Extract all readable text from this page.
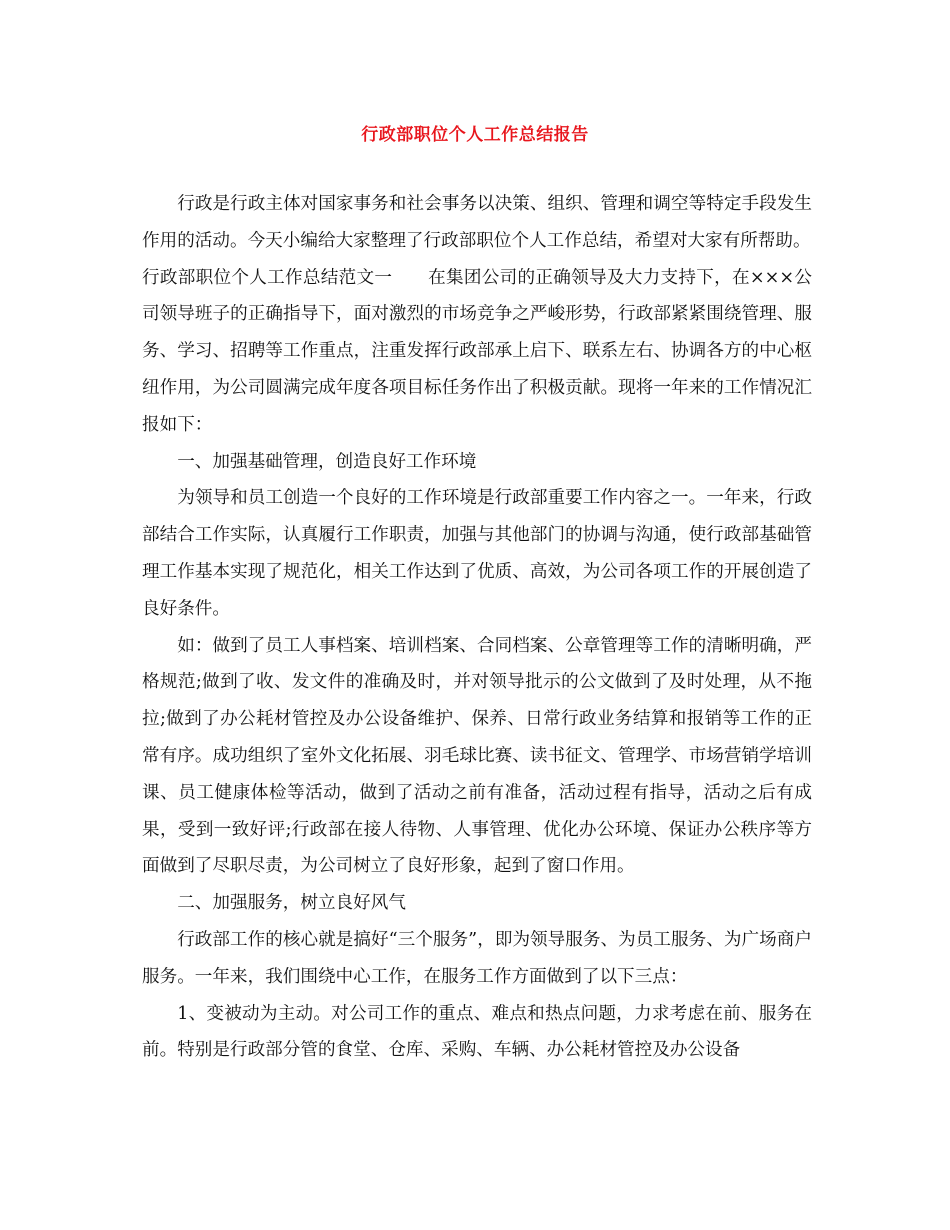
行政部职位个人工作总结报告

行政是行政主体对国家事务和社会事务以决策、组织、管理和调空等特定手段发生作用的活动。今天小编给大家整理了行政部职位个人工作总结，希望对大家有所帮助。

行政部职位个人工作总结范文一　　在集团公司的正确领导及大力支持下，在×××公司领导班子的正确指导下，面对激烈的市场竞争之严峻形势，行政部紧紧围绕管理、服务、学习、招聘等工作重点，注重发挥行政部承上启下、联系左右、协调各方的中心枢纽作用，为公司圆满完成年度各项目标任务作出了积极贡献。现将一年来的工作情况汇报如下：

一、加强基础管理，创造良好工作环境

为领导和员工创造一个良好的工作环境是行政部重要工作内容之一。一年来，行政部结合工作实际，认真履行工作职责，加强与其他部门的协调与沟通，使行政部基础管理工作基本实现了规范化，相关工作达到了优质、高效，为公司各项工作的开展创造了良好条件。

如：做到了员工人事档案、培训档案、合同档案、公章管理等工作的清晰明确，严格规范;做到了收、发文件的准确及时，并对领导批示的公文做到了及时处理，从不拖拉;做到了办公耗材管控及办公设备维护、保养、日常行政业务结算和报销等工作的正常有序。成功组织了室外文化拓展、羽毛球比赛、读书征文、管理学、市场营销学培训课、员工健康体检等活动，做到了活动之前有准备，活动过程有指导，活动之后有成果，受到一致好评;行政部在接人待物、人事管理、优化办公环境、保证办公秩序等方面做到了尽职尽责，为公司树立了良好形象，起到了窗口作用。

二、加强服务，树立良好风气

行政部工作的核心就是搞好“三个服务”，即为领导服务、为员工服务、为广场商户服务。一年来，我们围绕中心工作，在服务工作方面做到了以下三点：

1、变被动为主动。对公司工作的重点、难点和热点问题，力求考虑在前、服务在前。特别是行政部分管的食堂、仓库、采购、车辆、办公耗材管控及办公设备
